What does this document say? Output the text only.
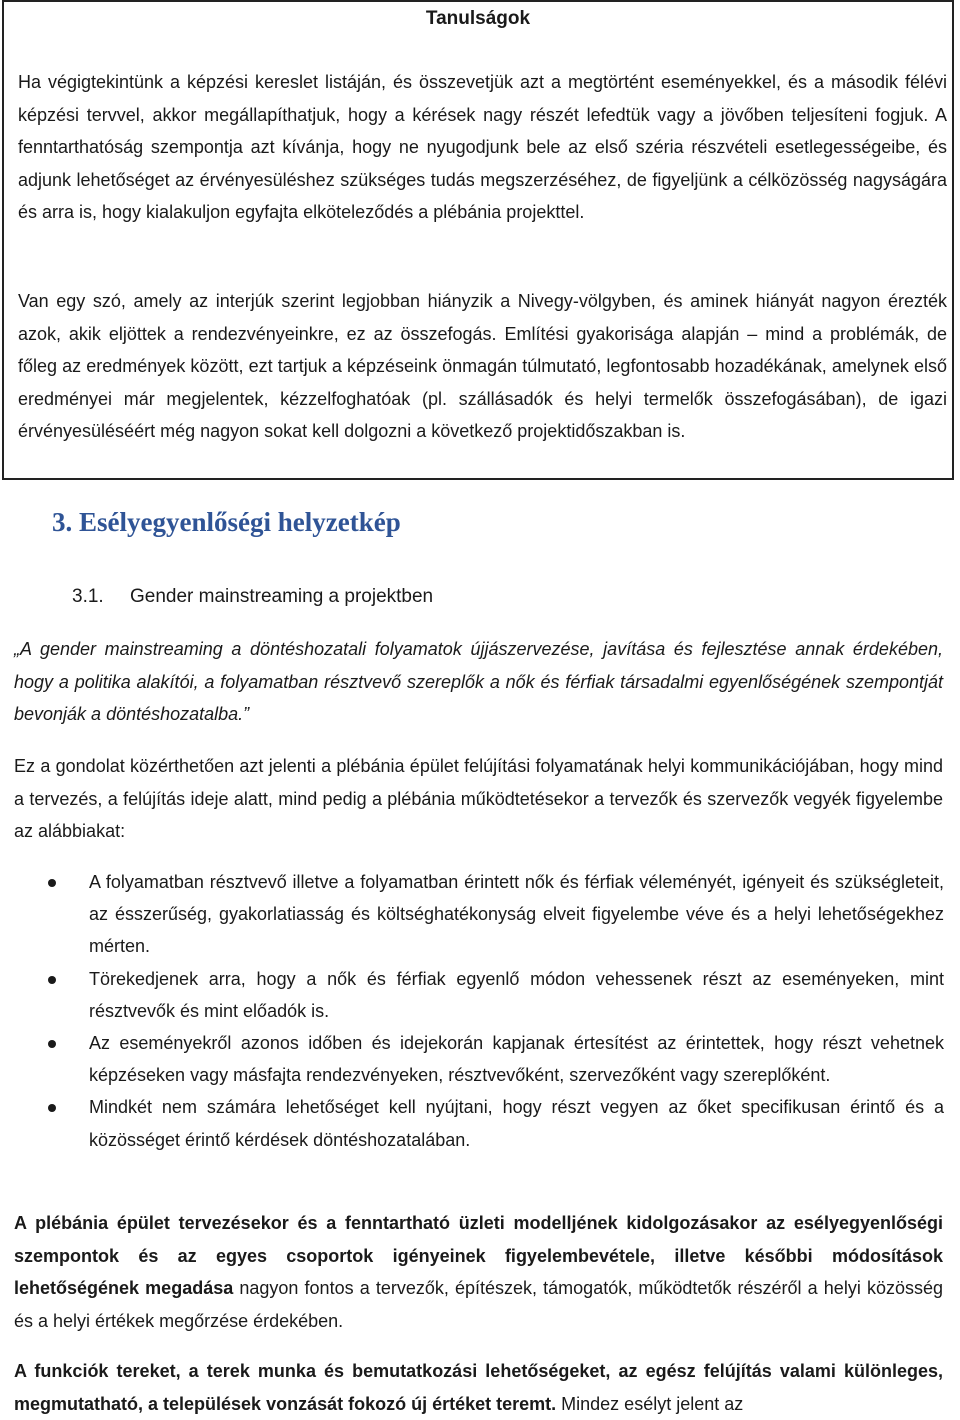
Tanulságok

Ha végigtekintünk a képzési kereslet listáján, és összevetjük azt a megtörtént eseményekkel, és a második félévi képzési tervvel, akkor megállapíthatjuk, hogy a kérések nagy részét lefedtük vagy a jövőben teljesíteni fogjuk. A fenntarthatóság szempontja azt kívánja, hogy ne nyugodjunk bele az első széria részvételi esetlegességeibe, és adjunk lehetőséget az érvényesüléshez szükséges tudás megszerzéséhez, de figyeljünk a célközösség nagyságára és arra is, hogy kialakuljon egyfajta elköteleződés a plébánia projekttel.

Van egy szó, amely az interjúk szerint legjobban hiányzik a Nivegy-völgyben, és aminek hiányát nagyon érezték azok, akik eljöttek a rendezvényeinkre, ez az összefogás. Említési gyakorisága alapján – mind a problémák, de főleg az eredmények között, ezt tartjuk a képzéseink önmagán túlmutató, legfontosabb hozadékának, amelynek első eredményei már megjelentek, kézzelfoghatóak (pl. szállásadók és helyi termelők összefogásában), de igazi érvényesüléséért még nagyon sokat kell dolgozni a következő projektidőszakban is.

3. Esélyegyenlőségi helyzetkép
3.1. Gender mainstreaming a projektben

„A gender mainstreaming a döntéshozatali folyamatok újjászervezése, javítása és fejlesztése annak érdekében, hogy a politika alakítói, a folyamatban résztvevő szereplők a nők és férfiak társadalmi egyenlőségének szempontját bevonják a döntéshozatalba.”

Ez a gondolat közérthetően azt jelenti a plébánia épület felújítási folyamatának helyi kommunikációjában, hogy mind a tervezés, a felújítás ideje alatt, mind pedig a plébánia működtetésekor a tervezők és szervezők vegyék figyelembe az alábbiakat:

A folyamatban résztvevő illetve a folyamatban érintett nők és férfiak véleményét, igényeit és szükségleteit, az ésszerűség, gyakorlatiasság és költséghatékonyság elveit figyelembe véve és a helyi lehetőségekhez mérten.
Törekedjenek arra, hogy a nők és férfiak egyenlő módon vehessenek részt az eseményeken, mint résztvevők és mint előadók is.
Az eseményekről azonos időben és idejekorán kapjanak értesítést az érintettek, hogy részt vehetnek képzéseken vagy másfajta rendezvényeken, résztvevőként, szervezőként vagy szereplőként.
Mindkét nem számára lehetőséget kell nyújtani, hogy részt vegyen az őket specifikusan érintő és a közösséget érintő kérdések döntéshozatalában.

A plébánia épület tervezésekor és a fenntartható üzleti modelljének kidolgozásakor az esélyegyenlőségi szempontok és az egyes csoportok igényeinek figyelembevétele, illetve későbbi módosítások lehetőségének megadása nagyon fontos a tervezők, építészek, támogatók, működtetők részéről a helyi közösség és a helyi értékek megőrzése érdekében.

A funkciók tereket, a terek munka és bemutatkozási lehetőségeket, az egész felújítás valami különleges, megmutatható, a települések vonzását fokozó új értéket teremt. Mindez esélyt jelent az
